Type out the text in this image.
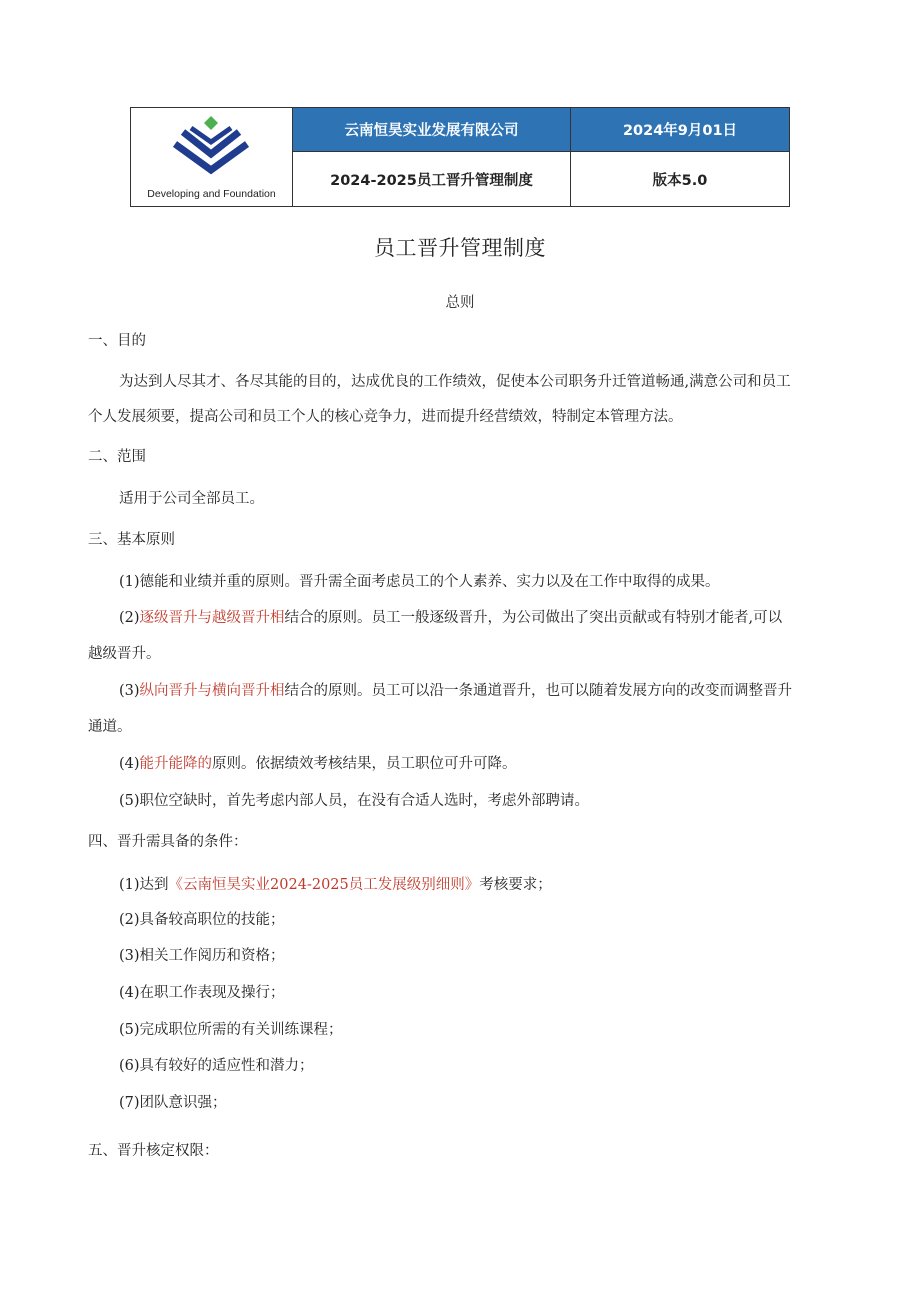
Developing and Foundation
云南恒昊实业发展有限公司
2024-2025员工晋升管理制度
2024年9月01日
版本5.0
员工晋升管理制度
总则
一、目的
为达到人尽其才、各尽其能的目的，达成优良的工作绩效，促使本公司职务升迁管道畅通,满意公司和员工
个人发展须要，提高公司和员工个人的核心竞争力，进而提升经营绩效，特制定本管理方法。
二、范围
适用于公司全部员工。
三、基本原则
(1)德能和业绩并重的原则。晋升需全面考虑员工的个人素养、实力以及在工作中取得的成果。
(2)逐级晋升与越级晋升相结合的原则。员工一般逐级晋升，为公司做出了突出贡献或有特别才能者,可以
越级晋升。
(3)纵向晋升与横向晋升相结合的原则。员工可以沿一条通道晋升，也可以随着发展方向的改变而调整晋升
通道。
(4)能升能降的原则。依据绩效考核结果，员工职位可升可降。
(5)职位空缺时，首先考虑内部人员，在没有合适人选时，考虑外部聘请。
四、晋升需具备的条件：
(1)达到《云南恒昊实业2024-2025员工发展级别细则》考核要求；
(2)具备较高职位的技能；
(3)相关工作阅历和资格；
(4)在职工作表现及操行；
(5)完成职位所需的有关训练课程；
(6)具有较好的适应性和潜力；
(7)团队意识强；
五、晋升核定权限：
